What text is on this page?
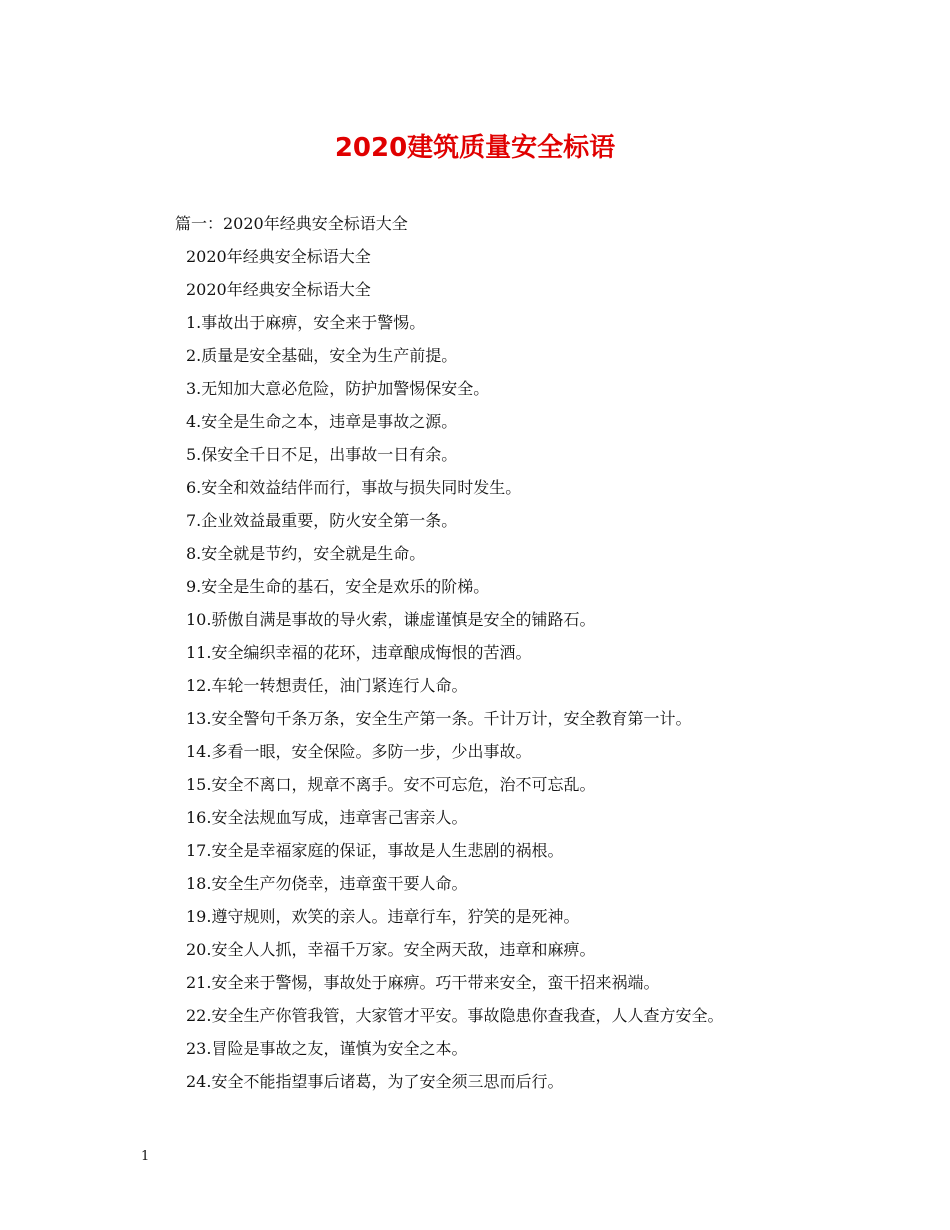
2020建筑质量安全标语
篇一：2020年经典安全标语大全
2020年经典安全标语大全
2020年经典安全标语大全
1.事故出于麻痹，安全来于警惕。
2.质量是安全基础，安全为生产前提。
3.无知加大意必危险，防护加警惕保安全。
4.安全是生命之本，违章是事故之源。
5.保安全千日不足，出事故一日有余。
6.安全和效益结伴而行，事故与损失同时发生。
7.企业效益最重要，防火安全第一条。
8.安全就是节约，安全就是生命。
9.安全是生命的基石，安全是欢乐的阶梯。
10.骄傲自满是事故的导火索，谦虚谨慎是安全的铺路石。
11.安全编织幸福的花环，违章酿成悔恨的苦酒。
12.车轮一转想责任，油门紧连行人命。
13.安全警句千条万条，安全生产第一条。千计万计，安全教育第一计。
14.多看一眼，安全保险。多防一步，少出事故。
15.安全不离口，规章不离手。安不可忘危，治不可忘乱。
16.安全法规血写成，违章害己害亲人。
17.安全是幸福家庭的保证，事故是人生悲剧的祸根。
18.安全生产勿侥幸，违章蛮干要人命。
19.遵守规则，欢笑的亲人。违章行车，狞笑的是死神。
20.安全人人抓，幸福千万家。安全两天敌，违章和麻痹。
21.安全来于警惕，事故处于麻痹。巧干带来安全，蛮干招来祸端。
22.安全生产你管我管，大家管才平安。事故隐患你查我查，人人查方安全。
23.冒险是事故之友，谨慎为安全之本。
24.安全不能指望事后诸葛，为了安全须三思而后行。
1
